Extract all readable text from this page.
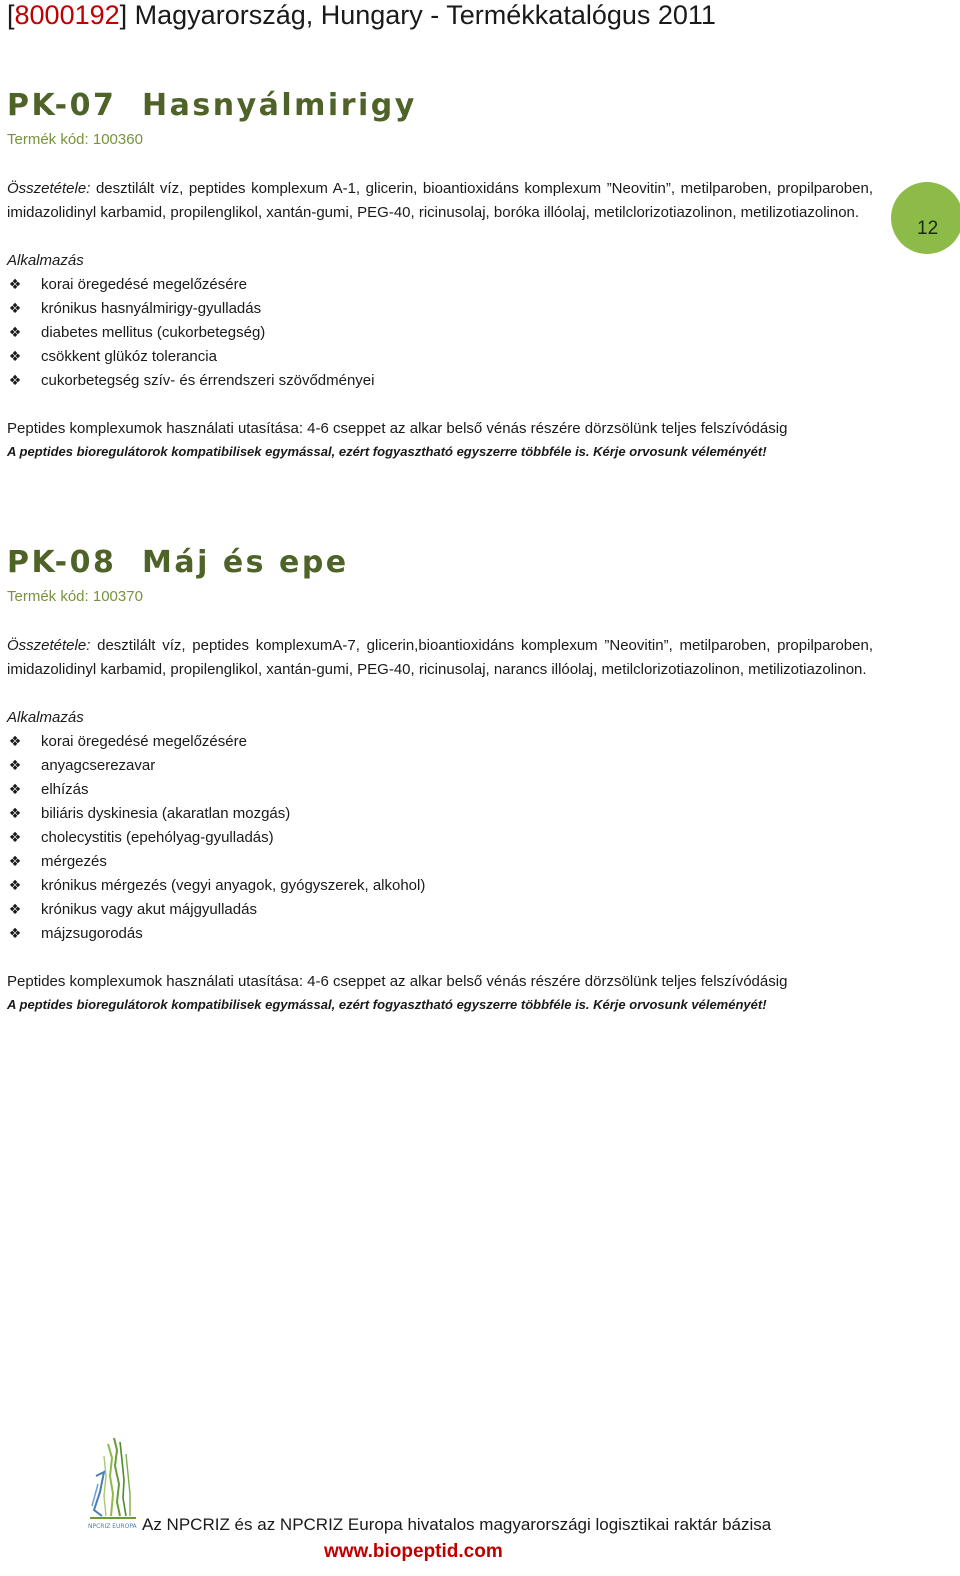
[8000192] Magyarország, Hungary - Termékkatalógus 2011
12
PK-07 Hasnyálmirigy
Termék kód: 100360
Összetétele: desztilált víz, peptides komplexum A-1, glicerin, bioantioxidáns komplexum ”Neovitin”, metilparoben, propilparoben, imidazolidinyl karbamid, propilenglikol, xantán-gumi, PEG-40, ricinusolaj, boróka illóolaj, metilclorizotiazolinon, metilizotiazolinon.
Alkalmazás
❖ korai öregedésé megelőzésére
❖ krónikus hasnyálmirigy-gyulladás
❖ diabetes mellitus (cukorbetegség)
❖ csökkent glükóz tolerancia
❖ cukorbetegség szív- és érrendszeri szövődményei
Peptides komplexumok használati utasítása: 4-6 cseppet az alkar belső vénás részére dörzsölünk teljes felszívódásig
A peptides bioregulátorok kompatibilisek egymással, ezért fogyasztható egyszerre többféle is. Kérje orvosunk véleményét!
PK-08 Máj és epe
Termék kód: 100370
Összetétele: desztilált víz, peptides komplexumA-7, glicerin,bioantioxidáns komplexum ”Neovitin”, metilparoben, propilparoben, imidazolidinyl karbamid, propilenglikol, xantán-gumi, PEG-40, ricinusolaj, narancs illóolaj, metilclorizotiazolinon, metilizotiazolinon.
Alkalmazás
❖ korai öregedésé megelőzésére
❖ anyagcserezavar
❖ elhízás
❖ biliáris dyskinesia (akaratlan mozgás)
❖ cholecystitis (epehólyag-gyulladás)
❖ mérgezés
❖ krónikus mérgezés (vegyi anyagok, gyógyszerek, alkohol)
❖ krónikus vagy akut májgyulladás
❖ májzsugorodás
Peptides komplexumok használati utasítása: 4-6 cseppet az alkar belső vénás részére dörzsölünk teljes felszívódásig
A peptides bioregulátorok kompatibilisek egymással, ezért fogyasztható egyszerre többféle is. Kérje orvosunk véleményét!
NPCRIZ EUROPA Az NPCRIZ és az NPCRIZ Europa hivatalos magyarországi logisztikai raktár bázisa
www.biopeptid.com
